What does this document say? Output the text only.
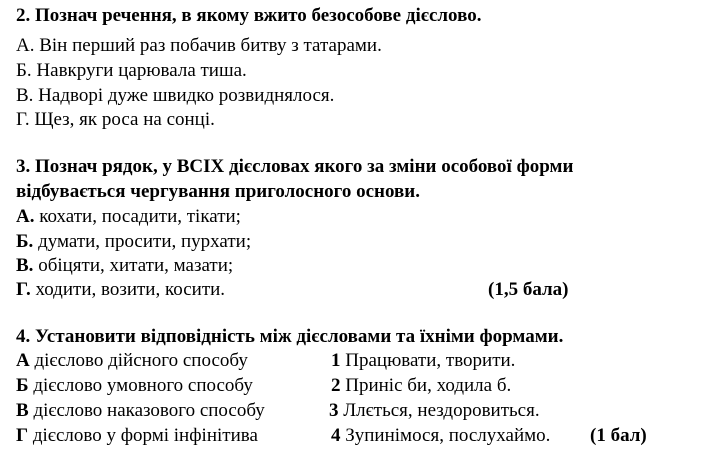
2. Познач речення, в якому вжито безособове дієслово.
А. Він перший раз побачив битву з татарами.
Б. Навкруги царювала тиша.
В. Надворі дуже швидко розвиднялося.
Г. Щез, як роса на сонці.
3. Познач рядок, у ВСІХ дієсловах якого за зміни особової форми
відбувається чергування приголосного основи.
А. кохати, посадити, тікати;
Б. думати, просити, пурхати;
В. обіцяти, хитати, мазати;
Г. ходити, возити, косити.	(1,5 бала)
4. Установити відповідність між дієсловами та їхніми формами.
А дієслово дійсного способу
Б дієслово умовного способу
В дієслово наказового способу
Г дієслово у формі інфінітива
1 Працювати, творити.
2 Приніс би, ходила б.
3 Ллється, нездоровиться.
4 Зупинімося, послухаймо. (1 бал)
